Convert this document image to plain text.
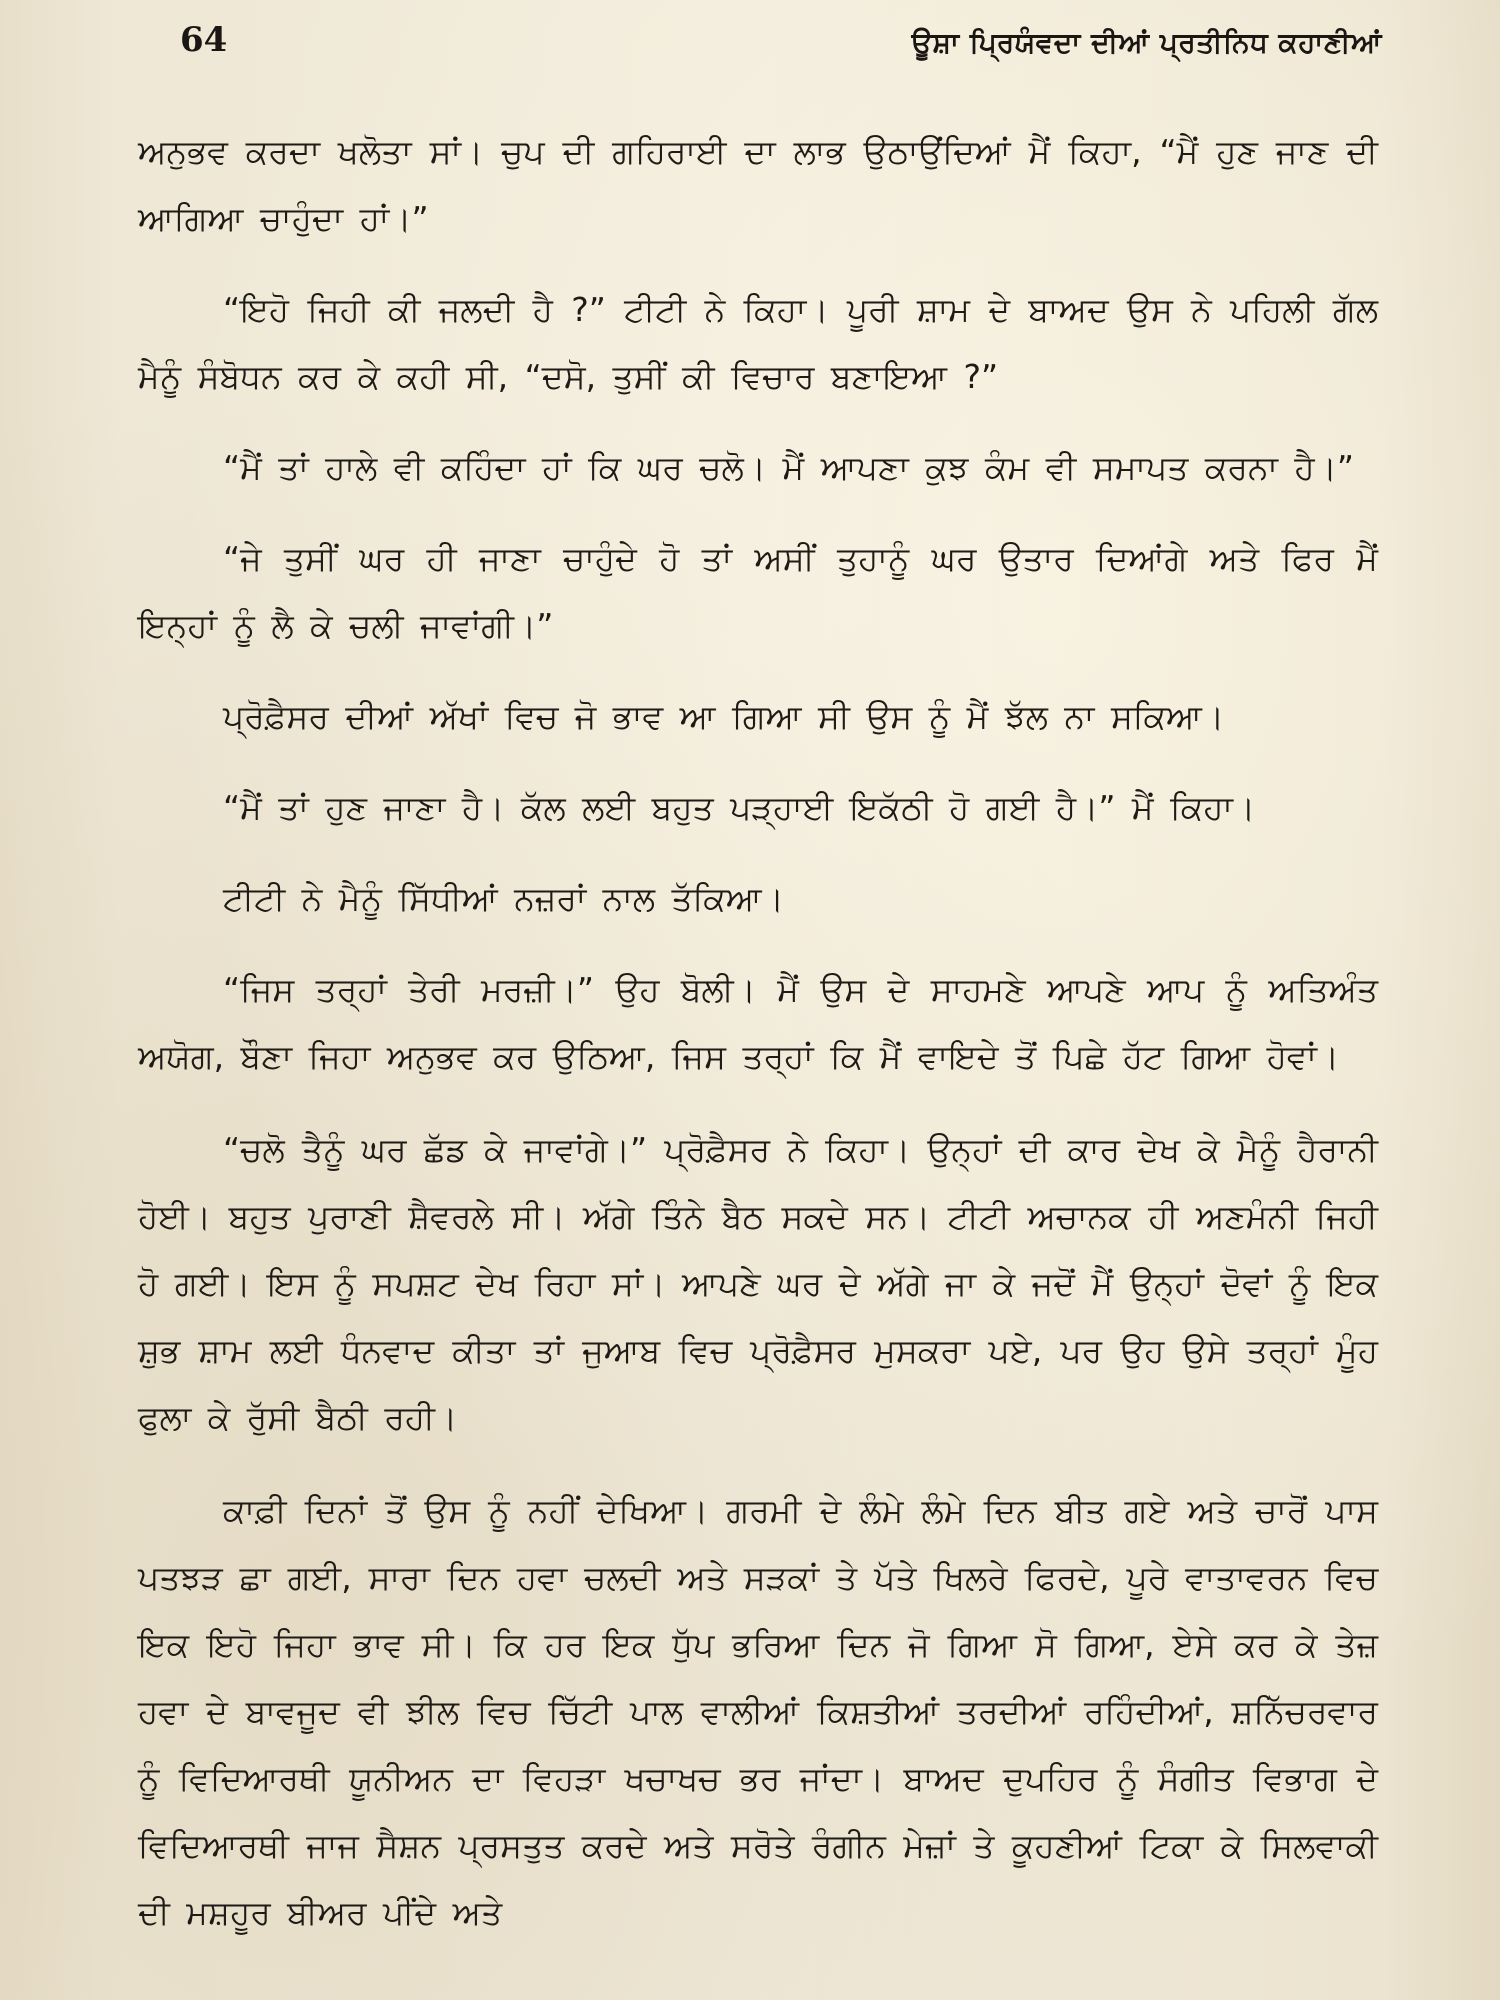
64	ਊਸ਼ਾ ਪ੍ਰਿਯੰਵਦਾ ਦੀਆਂ ਪ੍ਰਤੀਨਿਧ ਕਹਾਣੀਆਂ

ਅਨੁਭਵ ਕਰਦਾ ਖਲੋਤਾ ਸਾਂ। ਚੁਪ ਦੀ ਗਹਿਰਾਈ ਦਾ ਲਾਭ ਉਠਾਉਂਦਿਆਂ ਮੈਂ ਕਿਹਾ, “ਮੈਂ ਹੁਣ ਜਾਣ ਦੀ ਆਗਿਆ ਚਾਹੁੰਦਾ ਹਾਂ।”

“ਇਹੋ ਜਿਹੀ ਕੀ ਜਲਦੀ ਹੈ ?” ਟੀਟੀ ਨੇ ਕਿਹਾ। ਪੂਰੀ ਸ਼ਾਮ ਦੇ ਬਾਅਦ ਉਸ ਨੇ ਪਹਿਲੀ ਗੱਲ ਮੈਨੂੰ ਸੰਬੋਧਨ ਕਰ ਕੇ ਕਹੀ ਸੀ, “ਦਸੋ, ਤੁਸੀਂ ਕੀ ਵਿਚਾਰ ਬਣਾਇਆ ?”

“ਮੈਂ ਤਾਂ ਹਾਲੇ ਵੀ ਕਹਿੰਦਾ ਹਾਂ ਕਿ ਘਰ ਚਲੋ। ਮੈਂ ਆਪਣਾ ਕੁਝ ਕੰਮ ਵੀ ਸਮਾਪਤ ਕਰਨਾ ਹੈ।”

“ਜੇ ਤੁਸੀਂ ਘਰ ਹੀ ਜਾਣਾ ਚਾਹੁੰਦੇ ਹੋ ਤਾਂ ਅਸੀਂ ਤੁਹਾਨੂੰ ਘਰ ਉਤਾਰ ਦਿਆਂਗੇ ਅਤੇ ਫਿਰ ਮੈਂ ਇਨ੍ਹਾਂ ਨੂੰ ਲੈ ਕੇ ਚਲੀ ਜਾਵਾਂਗੀ।”

ਪ੍ਰੋਫ਼ੈਸਰ ਦੀਆਂ ਅੱਖਾਂ ਵਿਚ ਜੋ ਭਾਵ ਆ ਗਿਆ ਸੀ ਉਸ ਨੂੰ ਮੈਂ ਝੱਲ ਨਾ ਸਕਿਆ।

“ਮੈਂ ਤਾਂ ਹੁਣ ਜਾਣਾ ਹੈ। ਕੱਲ ਲਈ ਬਹੁਤ ਪੜ੍ਹਾਈ ਇਕੱਠੀ ਹੋ ਗਈ ਹੈ।” ਮੈਂ ਕਿਹਾ।

ਟੀਟੀ ਨੇ ਮੈਨੂੰ ਸਿੱਧੀਆਂ ਨਜ਼ਰਾਂ ਨਾਲ ਤੱਕਿਆ।

“ਜਿਸ ਤਰ੍ਹਾਂ ਤੇਰੀ ਮਰਜ਼ੀ।” ਉਹ ਬੋਲੀ। ਮੈਂ ਉਸ ਦੇ ਸਾਹਮਣੇ ਆਪਣੇ ਆਪ ਨੂੰ ਅਤਿਅੰਤ ਅਯੋਗ, ਬੌਣਾ ਜਿਹਾ ਅਨੁਭਵ ਕਰ ਉਠਿਆ, ਜਿਸ ਤਰ੍ਹਾਂ ਕਿ ਮੈਂ ਵਾਇਦੇ ਤੋਂ ਪਿਛੇ ਹੱਟ ਗਿਆ ਹੋਵਾਂ।

“ਚਲੋ ਤੈਨੂੰ ਘਰ ਛੱਡ ਕੇ ਜਾਵਾਂਗੇ।” ਪ੍ਰੋਫ਼ੈਸਰ ਨੇ ਕਿਹਾ। ਉਨ੍ਹਾਂ ਦੀ ਕਾਰ ਦੇਖ ਕੇ ਮੈਨੂੰ ਹੈਰਾਨੀ ਹੋਈ। ਬਹੁਤ ਪੁਰਾਣੀ ਸ਼ੈਵਰਲੇ ਸੀ। ਅੱਗੇ ਤਿੰਨੇ ਬੈਠ ਸਕਦੇ ਸਨ। ਟੀਟੀ ਅਚਾਨਕ ਹੀ ਅਣਮੰਨੀ ਜਿਹੀ ਹੋ ਗਈ। ਇਸ ਨੂੰ ਸਪਸ਼ਟ ਦੇਖ ਰਿਹਾ ਸਾਂ। ਆਪਣੇ ਘਰ ਦੇ ਅੱਗੇ ਜਾ ਕੇ ਜਦੋਂ ਮੈਂ ਉਨ੍ਹਾਂ ਦੋਵਾਂ ਨੂੰ ਇਕ ਸ਼ੁਭ ਸ਼ਾਮ ਲਈ ਧੰਨਵਾਦ ਕੀਤਾ ਤਾਂ ਜੁਆਬ ਵਿਚ ਪ੍ਰੋਫ਼ੈਸਰ ਮੁਸਕਰਾ ਪਏ, ਪਰ ਉਹ ਉਸੇ ਤਰ੍ਹਾਂ ਮੂੰਹ ਫੁਲਾ ਕੇ ਰੁੱਸੀ ਬੈਠੀ ਰਹੀ।

ਕਾਫ਼ੀ ਦਿਨਾਂ ਤੋਂ ਉਸ ਨੂੰ ਨਹੀਂ ਦੇਖਿਆ। ਗਰਮੀ ਦੇ ਲੰਮੇ ਲੰਮੇ ਦਿਨ ਬੀਤ ਗਏ ਅਤੇ ਚਾਰੋਂ ਪਾਸ ਪਤਝੜ ਛਾ ਗਈ, ਸਾਰਾ ਦਿਨ ਹਵਾ ਚਲਦੀ ਅਤੇ ਸੜਕਾਂ ਤੇ ਪੱਤੇ ਖਿਲਰੇ ਫਿਰਦੇ, ਪੂਰੇ ਵਾਤਾਵਰਨ ਵਿਚ ਇਕ ਇਹੋ ਜਿਹਾ ਭਾਵ ਸੀ। ਕਿ ਹਰ ਇਕ ਧੁੱਪ ਭਰਿਆ ਦਿਨ ਜੋ ਗਿਆ ਸੋ ਗਿਆ, ਏਸੇ ਕਰ ਕੇ ਤੇਜ਼ ਹਵਾ ਦੇ ਬਾਵਜੂਦ ਵੀ ਝੀਲ ਵਿਚ ਚਿੱਟੀ ਪਾਲ ਵਾਲੀਆਂ ਕਿਸ਼ਤੀਆਂ ਤਰਦੀਆਂ ਰਹਿੰਦੀਆਂ, ਸ਼ਨਿੱਚਰਵਾਰ ਨੂੰ ਵਿਦਿਆਰਥੀ ਯੂਨੀਅਨ ਦਾ ਵਿਹੜਾ ਖਚਾਖਚ ਭਰ ਜਾਂਦਾ। ਬਾਅਦ ਦੁਪਹਿਰ ਨੂੰ ਸੰਗੀਤ ਵਿਭਾਗ ਦੇ ਵਿਦਿਆਰਥੀ ਜਾਜ ਸੈਸ਼ਨ ਪ੍ਰਸਤੁਤ ਕਰਦੇ ਅਤੇ ਸਰੋਤੇ ਰੰਗੀਨ ਮੇਜ਼ਾਂ ਤੇ ਕੂਹਣੀਆਂ ਟਿਕਾ ਕੇ ਸਿਲਵਾਕੀ ਦੀ ਮਸ਼ਹੂਰ ਬੀਅਰ ਪੀਂਦੇ ਅਤੇ
